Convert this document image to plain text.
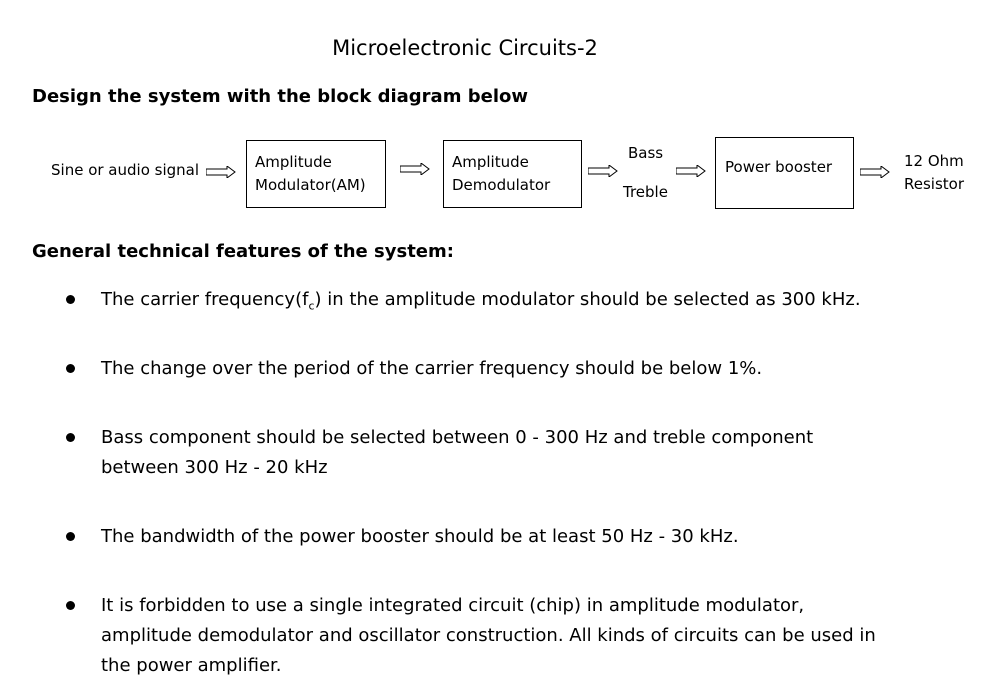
Microelectronic Circuits-2
Design the system with the block diagram below
Sine or audio signal	Amplitude
Modulator(AM)
Amplitude
Demodulator
Bass
Treble
Power booster	12 Ohm
Resistor
General technical features of the system:
The carrier $frequency(f_c)$ in the amplitude modulator should be selected as 300 kHz.
The change over the period of the carrier frequency should be below 1%.
Bass component should be selected between 0 - 300 Hz and treble component between 300 Hz - 20 kHz
The bandwidth of the power booster should be at least 50 Hz - 30 kHz.
It is forbidden to use a single integrated circuit (chip) in amplitude modulator, amplitude demodulator and oscillator construction. All kinds of circuits can be used in the power amplifier.
